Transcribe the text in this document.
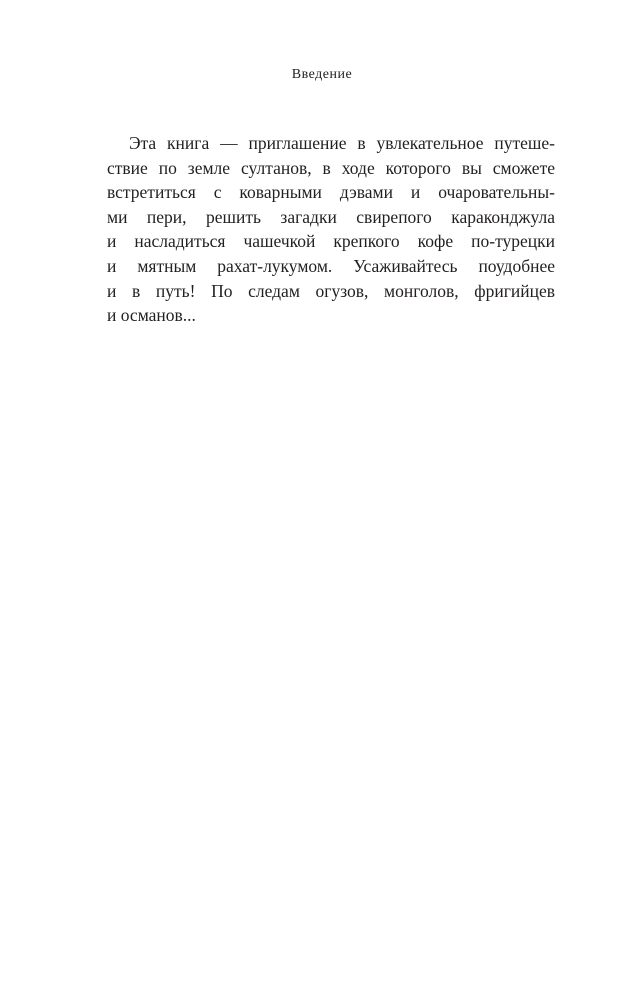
Введение
Эта книга — приглашение в увлекательное путеше-
ствие по земле султанов, в ходе которого вы сможете
встретиться с коварными дэвами и очаровательны-
ми пери, решить загадки свирепого караконджула
и насладиться чашечкой крепкого кофе по-турецки
и мятным рахат-лукумом. Усаживайтесь поудобнее
и в путь! По следам огузов, монголов, фригийцев
и османов...
